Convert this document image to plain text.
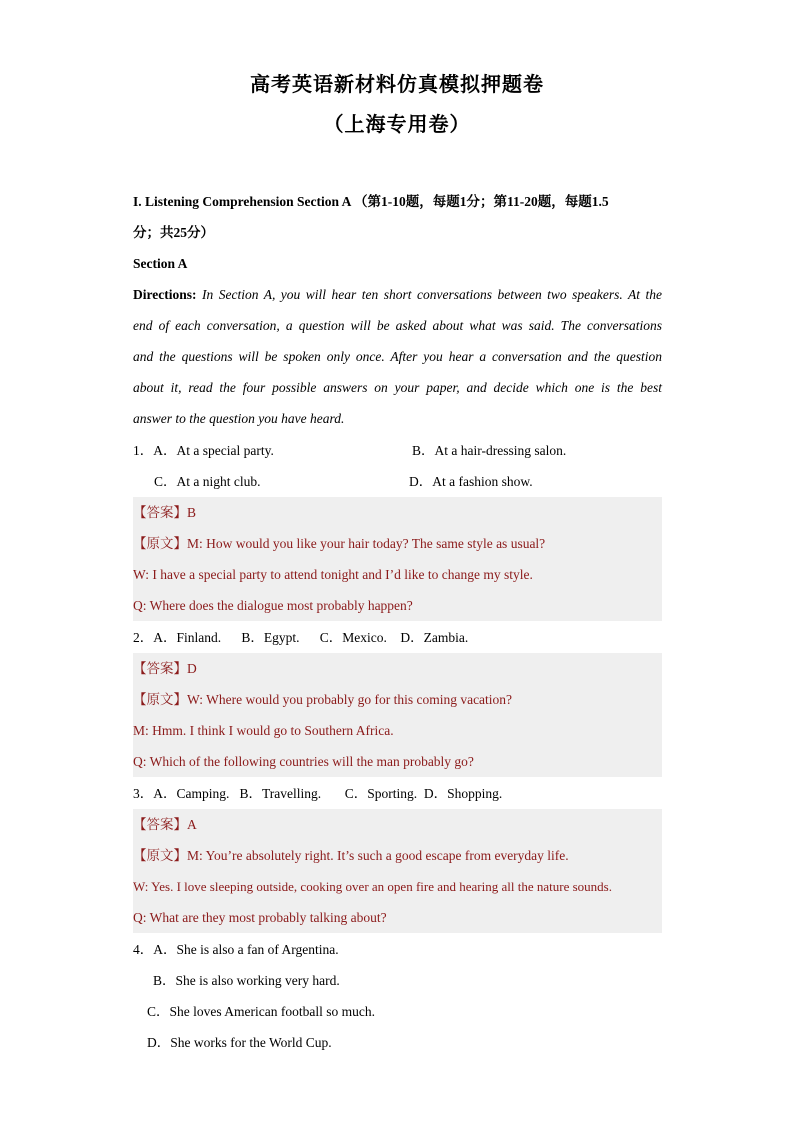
高考英语新材料仿真模拟押题卷
（上海专用卷）
I. Listening Comprehension Section A （第1-10题，每题1分；第11-20题，每题1.5
分；共25分）
Section A
Directions: In Section A, you will hear ten short conversations between two speakers. At the
end of each conversation, a question will be asked about what was said. The conversations
and the questions will be spoken only once. After you hear a conversation and the question
about it, read the four possible answers on your paper, and decide which one is the best
answer to the question you have heard.
1．A．At a special party.	B．At a hair-dressing salon.
C．At a night club.	D．At a fashion show.
【答案】B
【原文】M: How would you like your hair today? The same style as usual?
W: I have a special party to attend tonight and I’d like to change my style.
Q: Where does the dialogue most probably happen?
2．A．Finland.      B．Egypt.      C．Mexico.    D．Zambia.
【答案】D
【原文】W: Where would you probably go for this coming vacation?
M: Hmm. I think I would go to Southern Africa.
Q: Which of the following countries will the man probably go?
3．A．Camping.   B．Travelling.       C．Sporting.  D．Shopping.
【答案】A
【原文】M: You’re absolutely right. It’s such a good escape from everyday life.
W: Yes. I love sleeping outside, cooking over an open fire and hearing all the nature sounds.
Q: What are they most probably talking about?
4．A．She is also a fan of Argentina.
B．She is also working very hard.
C．She loves American football so much.
D．She works for the World Cup.
